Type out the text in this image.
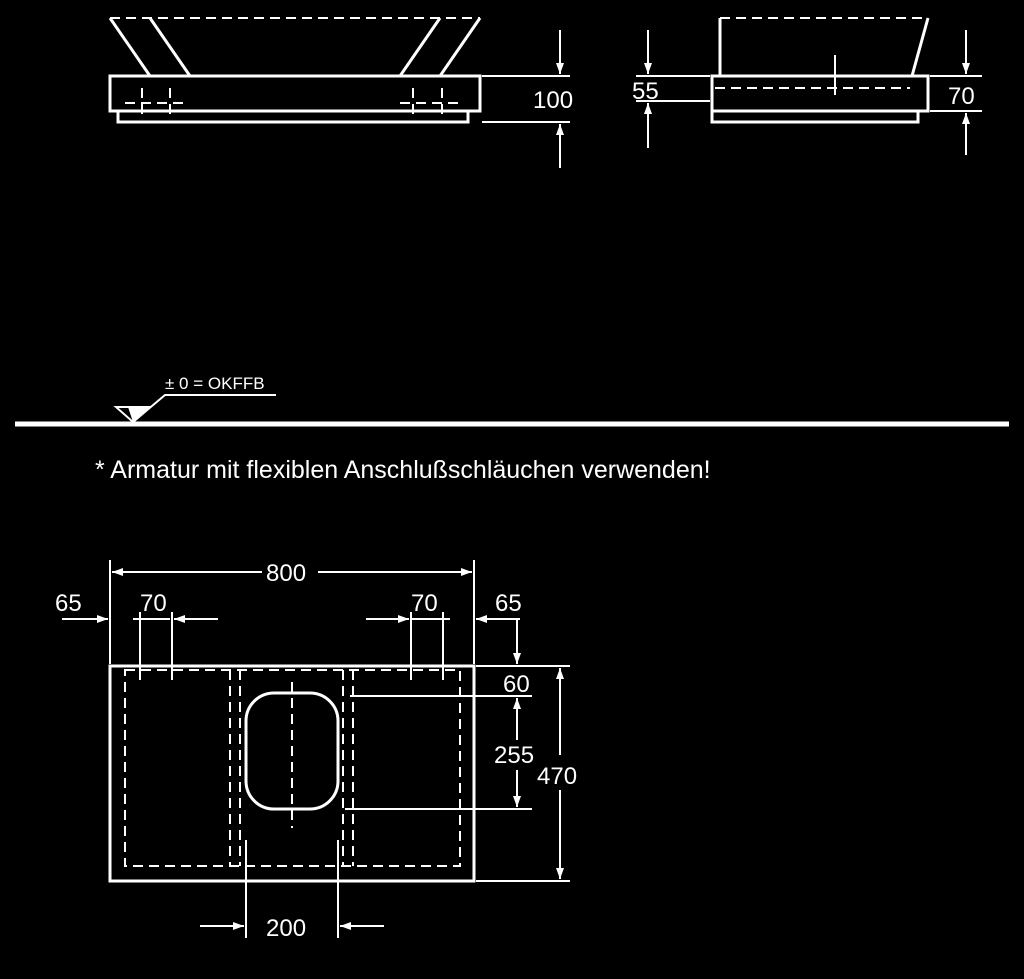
100 55	70
± 0 = OKFFB
* Armatur mit flexiblen Anschlußschläuchen verwenden!
800
65 70	70 65
60
255
470
200
